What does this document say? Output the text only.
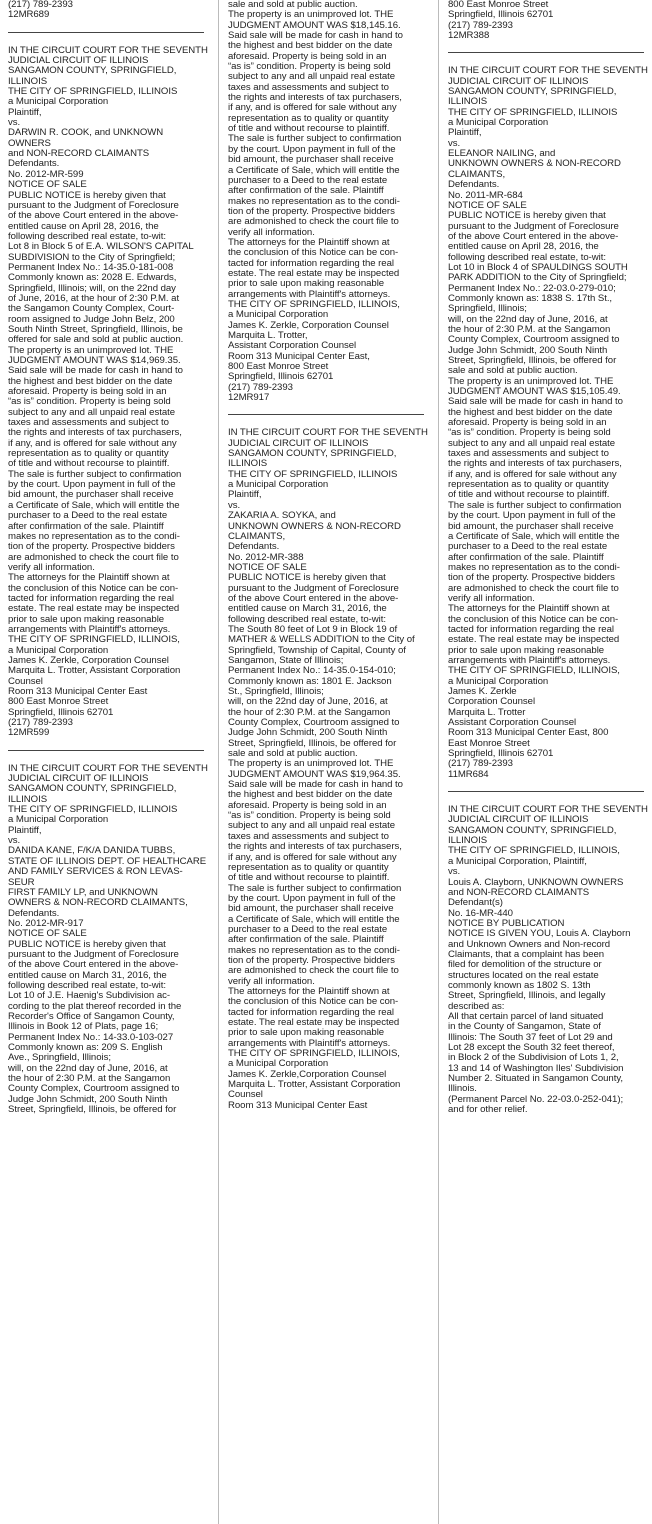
(217) 789-2393
12MR689
IN THE CIRCUIT COURT FOR THE SEVENTH
JUDICIAL CIRCUIT OF ILLINOIS
SANGAMON COUNTY, SPRINGFIELD,
ILLINOIS
THE CITY OF SPRINGFIELD, ILLINOIS
a Municipal Corporation
Plaintiff,
vs.
DARWIN R. COOK, and UNKNOWN
OWNERS
and NON-RECORD CLAIMANTS
Defendants.
No. 2012-MR-599
NOTICE OF SALE
PUBLIC NOTICE is hereby given that
pursuant to the Judgment of Foreclosure
of the above Court entered in the above-
entitled cause on April 28, 2016, the
following described real estate, to-wit:
Lot 8 in Block 5 of E.A. WILSON'S CAPITAL
SUBDIVISION to the City of Springfield;
Permanent Index No.: 14-35.0-181-008
Commonly known as: 2028 E. Edwards,
Springfield, Illinois; will, on the 22nd day
of June, 2016, at the hour of 2:30 P.M. at
the Sangamon County Complex, Court-
room assigned to Judge John Belz, 200
South Ninth Street, Springfield, Illinois, be
offered for sale and sold at public auction.
The property is an unimproved lot. THE
JUDGMENT AMOUNT WAS $14,969.35.
Said sale will be made for cash in hand to
the highest and best bidder on the date
aforesaid. Property is being sold in an
“as is” condition. Property is being sold
subject to any and all unpaid real estate
taxes and assessments and subject to
the rights and interests of tax purchasers,
if any, and is offered for sale without any
representation as to quality or quantity
of title and without recourse to plaintiff.
The sale is further subject to confirmation
by the court. Upon payment in full of the
bid amount, the purchaser shall receive
a Certificate of Sale, which will entitle the
purchaser to a Deed to the real estate
after confirmation of the sale. Plaintiff
makes no representation as to the condi-
tion of the property. Prospective bidders
are admonished to check the court file to
verify all information.
The attorneys for the Plaintiff shown at
the conclusion of this Notice can be con-
tacted for information regarding the real
estate. The real estate may be inspected
prior to sale upon making reasonable
arrangements with Plaintiff's attorneys.
THE CITY OF SPRINGFIELD, ILLINOIS,
a Municipal Corporation
James K. Zerkle, Corporation Counsel
Marquita L. Trotter, Assistant Corporation
Counsel
Room 313 Municipal Center East
800 East Monroe Street
Springfield, Illinois 62701
(217) 789-2393
12MR599
IN THE CIRCUIT COURT FOR THE SEVENTH
JUDICIAL CIRCUIT OF ILLINOIS
SANGAMON COUNTY, SPRINGFIELD,
ILLINOIS
THE CITY OF SPRINGFIELD, ILLINOIS
a Municipal Corporation
Plaintiff,
vs.
DANIDA KANE, F/K/A DANIDA TUBBS,
STATE OF ILLINOIS DEPT. OF HEALTHCARE
AND FAMILY SERVICES & RON LEVAS-
SEUR
FIRST FAMILY LP, and UNKNOWN
OWNERS & NON-RECORD CLAIMANTS,
Defendants.
No. 2012-MR-917
NOTICE OF SALE
PUBLIC NOTICE is hereby given that
pursuant to the Judgment of Foreclosure
of the above Court entered in the above-
entitled cause on March 31, 2016, the
following described real estate, to-wit:
Lot 10 of J.E. Haenig's Subdivision ac-
cording to the plat thereof recorded in the
Recorder's Office of Sangamon County,
Illinois in Book 12 of Plats, page 16;
Permanent Index No.: 14-33.0-103-027
Commonly known as: 209 S. English
Ave., Springfield, Illinois;
will, on the 22nd day of June, 2016, at
the hour of 2:30 P.M. at the Sangamon
County Complex, Courtroom assigned to
Judge John Schmidt, 200 South Ninth
Street, Springfield, Illinois, be offered for
sale and sold at public auction.
The property is an unimproved lot. THE
JUDGMENT AMOUNT WAS $18,145.16.
Said sale will be made for cash in hand to
the highest and best bidder on the date
aforesaid. Property is being sold in an
“as is” condition. Property is being sold
subject to any and all unpaid real estate
taxes and assessments and subject to
the rights and interests of tax purchasers,
if any, and is offered for sale without any
representation as to quality or quantity
of title and without recourse to plaintiff.
The sale is further subject to confirmation
by the court. Upon payment in full of the
bid amount, the purchaser shall receive
a Certificate of Sale, which will entitle the
purchaser to a Deed to the real estate
after confirmation of the sale. Plaintiff
makes no representation as to the condi-
tion of the property. Prospective bidders
are admonished to check the court file to
verify all information.
The attorneys for the Plaintiff shown at
the conclusion of this Notice can be con-
tacted for information regarding the real
estate. The real estate may be inspected
prior to sale upon making reasonable
arrangements with Plaintiff's attorneys.
THE CITY OF SPRINGFIELD, ILLINOIS,
a Municipal Corporation
James K. Zerkle, Corporation Counsel
Marquita L. Trotter,
Assistant Corporation Counsel
Room 313 Municipal Center East,
800 East Monroe Street
Springfield, Illinois 62701
(217) 789-2393
12MR917
IN THE CIRCUIT COURT FOR THE SEVENTH
JUDICIAL CIRCUIT OF ILLINOIS
SANGAMON COUNTY, SPRINGFIELD,
ILLINOIS
THE CITY OF SPRINGFIELD, ILLINOIS
a Municipal Corporation
Plaintiff,
vs.
ZAKARIA A. SOYKA, and
UNKNOWN OWNERS & NON-RECORD
CLAIMANTS,
Defendants.
No. 2012-MR-388
NOTICE OF SALE
PUBLIC NOTICE is hereby given that
pursuant to the Judgment of Foreclosure
of the above Court entered in the above-
entitled cause on March 31, 2016, the
following described real estate, to-wit:
The South 80 feet of Lot 9 in Block 19 of
MATHER & WELLS ADDITION to the City of
Springfield, Township of Capital, County of
Sangamon, State of Illinois;
Permanent Index No.: 14-35.0-154-010;
Commonly known as: 1801 E. Jackson
St., Springfield, Illinois;
will, on the 22nd day of June, 2016, at
the hour of 2:30 P.M. at the Sangamon
County Complex, Courtroom assigned to
Judge John Schmidt, 200 South Ninth
Street, Springfield, Illinois, be offered for
sale and sold at public auction.
The property is an unimproved lot. THE
JUDGMENT AMOUNT WAS $19,964.35.
Said sale will be made for cash in hand to
the highest and best bidder on the date
aforesaid. Property is being sold in an
“as is” condition. Property is being sold
subject to any and all unpaid real estate
taxes and assessments and subject to
the rights and interests of tax purchasers,
if any, and is offered for sale without any
representation as to quality or quantity
of title and without recourse to plaintiff.
The sale is further subject to confirmation
by the court. Upon payment in full of the
bid amount, the purchaser shall receive
a Certificate of Sale, which will entitle the
purchaser to a Deed to the real estate
after confirmation of the sale. Plaintiff
makes no representation as to the condi-
tion of the property. Prospective bidders
are admonished to check the court file to
verify all information.
The attorneys for the Plaintiff shown at
the conclusion of this Notice can be con-
tacted for information regarding the real
estate. The real estate may be inspected
prior to sale upon making reasonable
arrangements with Plaintiff's attorneys.
THE CITY OF SPRINGFIELD, ILLINOIS,
a Municipal Corporation
James K. Zerkle,Corporation Counsel
Marquita L. Trotter, Assistant Corporation
Counsel
Room 313 Municipal Center East
800 East Monroe Street
Springfield, Illinois 62701
(217) 789-2393
12MR388
IN THE CIRCUIT COURT FOR THE SEVENTH
JUDICIAL CIRCUIT OF ILLINOIS
SANGAMON COUNTY, SPRINGFIELD,
ILLINOIS
THE CITY OF SPRINGFIELD, ILLINOIS
a Municipal Corporation
Plaintiff,
vs.
ELEANOR NAILING, and
UNKNOWN OWNERS & NON-RECORD
CLAIMANTS,
Defendants.
No. 2011-MR-684
NOTICE OF SALE
PUBLIC NOTICE is hereby given that
pursuant to the Judgment of Foreclosure
of the above Court entered in the above-
entitled cause on April 28, 2016, the
following described real estate, to-wit:
Lot 10 in Block 4 of SPAULDINGS SOUTH
PARK ADDITION to the City of Springfield;
Permanent Index No.: 22-03.0-279-010;
Commonly known as: 1838 S. 17th St.,
Springfield, Illinois;
will, on the 22nd day of June, 2016, at
the hour of 2:30 P.M. at the Sangamon
County Complex, Courtroom assigned to
Judge John Schmidt, 200 South Ninth
Street, Springfield, Illinois, be offered for
sale and sold at public auction.
The property is an unimproved lot. THE
JUDGMENT AMOUNT WAS $15,105.49.
Said sale will be made for cash in hand to
the highest and best bidder on the date
aforesaid. Property is being sold in an
“as is” condition. Property is being sold
subject to any and all unpaid real estate
taxes and assessments and subject to
the rights and interests of tax purchasers,
if any, and is offered for sale without any
representation as to quality or quantity
of title and without recourse to plaintiff.
The sale is further subject to confirmation
by the court. Upon payment in full of the
bid amount, the purchaser shall receive
a Certificate of Sale, which will entitle the
purchaser to a Deed to the real estate
after confirmation of the sale. Plaintiff
makes no representation as to the condi-
tion of the property. Prospective bidders
are admonished to check the court file to
verify all information.
The attorneys for the Plaintiff shown at
the conclusion of this Notice can be con-
tacted for information regarding the real
estate. The real estate may be inspected
prior to sale upon making reasonable
arrangements with Plaintiff's attorneys.
THE CITY OF SPRINGFIELD, ILLINOIS,
a Municipal Corporation
James K. Zerkle
Corporation Counsel
Marquita L. Trotter
Assistant Corporation Counsel
Room 313 Municipal Center East, 800
East Monroe Street
Springfield, Illinois 62701
(217) 789-2393
11MR684
IN THE CIRCUIT COURT FOR THE SEVENTH
JUDICIAL CIRCUIT OF ILLINOIS
SANGAMON COUNTY, SPRINGFIELD,
ILLINOIS
THE CITY OF SPRINGFIELD, ILLINOIS,
a Municipal Corporation, Plaintiff,
vs.
Louis A. Clayborn, UNKNOWN OWNERS
and NON-RECORD CLAIMANTS
Defendant(s)
No. 16-MR-440
NOTICE BY PUBLICATION
NOTICE IS GIVEN YOU, Louis A. Clayborn
and Unknown Owners and Non-record
Claimants, that a complaint has been
filed for demolition of the structure or
structures located on the real estate
commonly known as 1802 S. 13th
Street, Springfield, Illinois, and legally
described as:
All that certain parcel of land situated
in the County of Sangamon, State of
Illinois: The South 37 feet of Lot 29 and
Lot 28 except the South 32 feet thereof,
in Block 2 of the Subdivision of Lots 1, 2,
13 and 14 of Washington Iles' Subdivision
Number 2. Situated in Sangamon County,
Illinois.
(Permanent Parcel No. 22-03.0-252-041);
and for other relief.
